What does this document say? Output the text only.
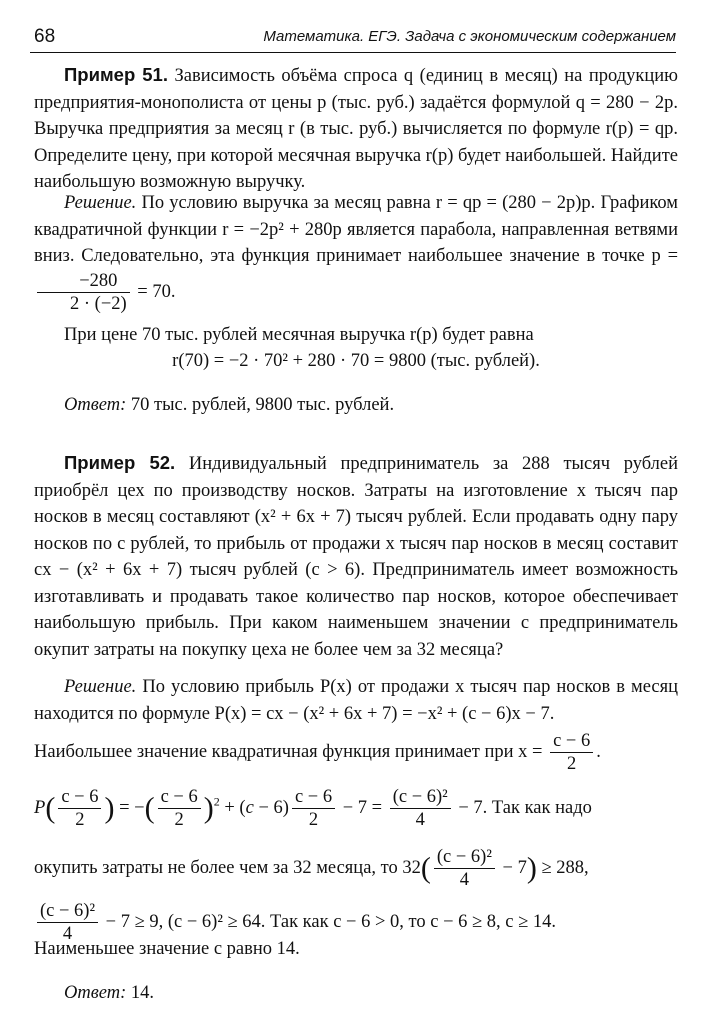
68	Математика. ЕГЭ. Задача с экономическим содержанием

Пример 51. Зависимость объёма спроса q (единиц в месяц) на продукцию предприятия-монополиста от цены p (тыс. руб.) задаётся формулой q = 280 − 2p. Выручка предприятия за месяц r (в тыс. руб.) вычисляется по формуле r(p) = qp. Определите цену, при которой месячная выручка r(p) будет наибольшей. Найдите наибольшую возможную выручку.

Решение. По условию выручка за месяц равна r = qp = (280 − 2p)p. Графиком квадратичной функции r = −2p² + 280p является парабола, направленная ветвями вниз. Следовательно, эта функция принимает наибольшее значение в точке p =
$\frac{-280}{2 \cdot (-2)} = 70$.

При цене 70 тыс. рублей месячная выручка r(p) будет равна
r(70) = −2 · 70² + 280 · 70 = 9800 (тыс. рублей).
Ответ: 70 тыс. рублей, 9800 тыс. рублей.

Пример 52. Индивидуальный предприниматель за 288 тысяч рублей приобрёл цех по производству носков. Затраты на изготовление x тысяч пар носков в месяц составляют (x² + 6x + 7) тысяч рублей. Если продавать одну пару носков по c рублей, то прибыль от продажи x тысяч пар носков в месяц составит cx − (x² + 6x + 7) тысяч рублей (c > 6). Предприниматель имеет возможность изготавливать и продавать такое количество пар носков, которое обеспечивает наибольшую прибыль. При каком наименьшем значении c предприниматель окупит затраты на покупку цеха не более чем за 32 месяца?

Решение. По условию прибыль P(x) от продажи x тысяч пар носков в месяц находится по формуле P(x) = cx − (x² + 6x + 7) = −x² + (c − 6)x − 7.

Наибольшее значение квадратичная функция принимает при $x = \frac{c - 6}{2}$ .
$P( \frac{c - 6}{2}$ ) = −( $\frac{c - 6}{2} )^2 + (c - 6) \frac{c - 6}{2} - 7 = \frac{\text{(c − 6)²}}{4} - 7$. Так как надо
окупить затраты не более чем за 32 месяца, то $32( \frac{\text{(c − 6)²}}{4} - 7) \ge 288$,
$\frac{\text{(c − 6)²}}{4} - 7 \ge 9$, (c − 6)² ≥ 64. Так как c − 6 > 0, то c − 6 ≥ 8, c ≥ 14.
Наименьшее значение c равно 14.
Ответ: 14.
